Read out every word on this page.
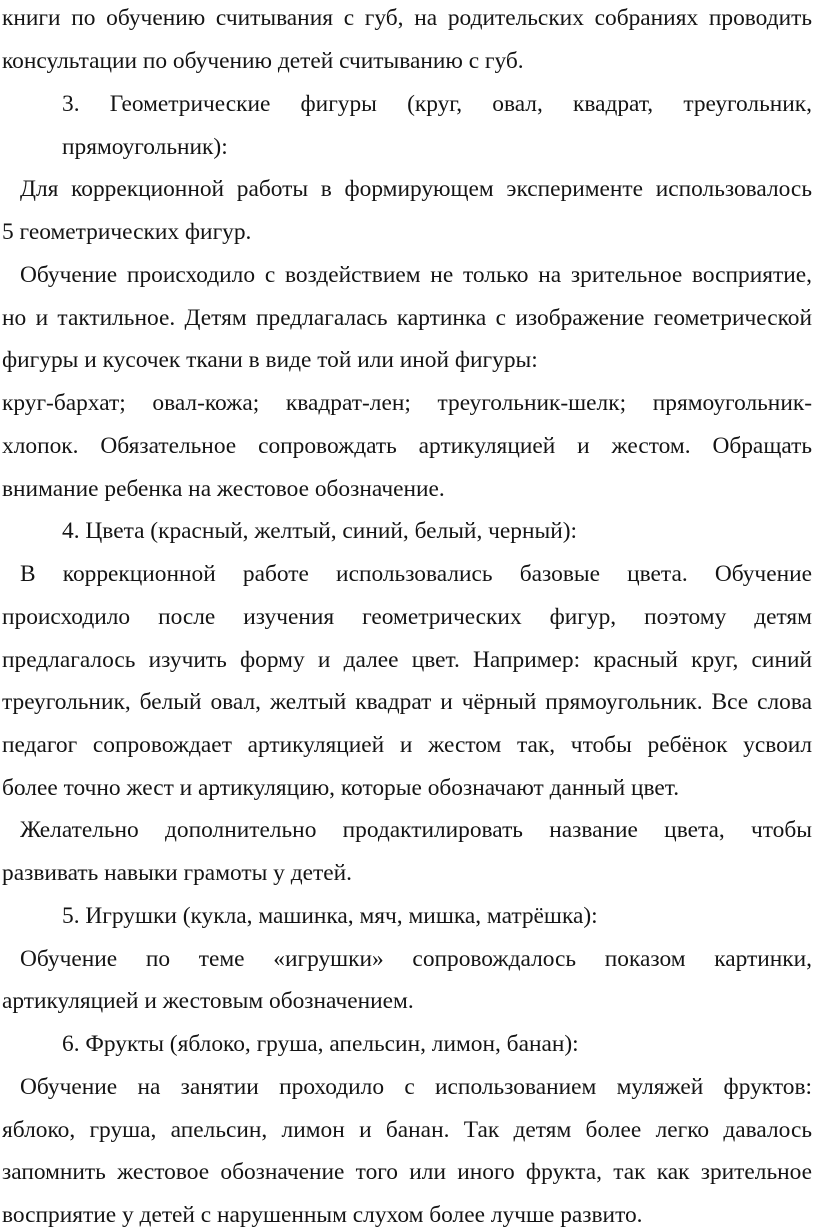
книги по обучению считывания с губ, на родительских собраниях проводить

консультации по обучению детей считыванию с губ.

3. Геометрические фигуры (круг, овал, квадрат, треугольник,

прямоугольник):

Для коррекционной работы в формирующем эксперименте использовалось

5 геометрических фигур.

Обучение происходило с воздействием не только на зрительное восприятие,

но и тактильное. Детям предлагалась картинка с изображение геометрической

фигуры и кусочек ткани в виде той или иной фигуры:

круг-бархат; овал-кожа; квадрат-лен; треугольник-шелк; прямоугольник-

хлопок. Обязательное сопровождать артикуляцией и жестом. Обращать

внимание ребенка на жестовое обозначение.

4. Цвета (красный, желтый, синий, белый, черный):

В коррекционной работе использовались базовые цвета. Обучение

происходило после изучения геометрических фигур, поэтому детям

предлагалось изучить форму и далее цвет. Например: красный круг, синий

треугольник, белый овал, желтый квадрат и чёрный прямоугольник. Все слова

педагог сопровождает артикуляцией и жестом так, чтобы ребёнок усвоил

более точно жест и артикуляцию, которые обозначают данный цвет.

Желательно дополнительно продактилировать название цвета, чтобы

развивать навыки грамоты у детей.

5. Игрушки (кукла, машинка, мяч, мишка, матрёшка):

Обучение по теме «игрушки» сопровождалось показом картинки,

артикуляцией и жестовым обозначением.

6. Фрукты (яблоко, груша, апельсин, лимон, банан):

Обучение на занятии проходило с использованием муляжей фруктов:

яблоко, груша, апельсин, лимон и банан. Так детям более легко давалось

запомнить жестовое обозначение того или иного фрукта, так как зрительное

восприятие у детей с нарушенным слухом более лучше развито.
